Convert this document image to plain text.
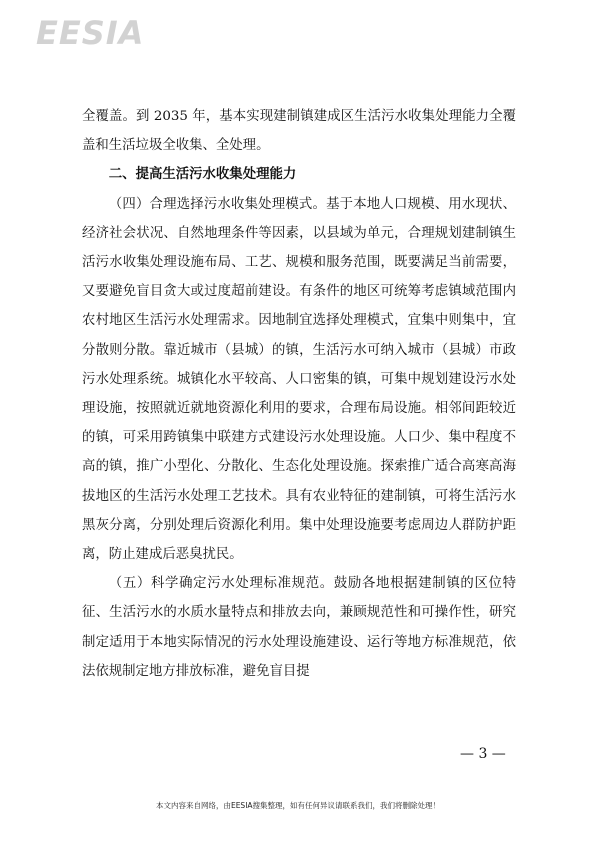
EESIA

全覆盖。到 2035 年，基本实现建制镇建成区生活污水收集处理能力全覆盖和生活垃圾全收集、全处理。

二、提高生活污水收集处理能力

（四）合理选择污水收集处理模式。基于本地人口规模、用水现状、经济社会状况、自然地理条件等因素，以县域为单元，合理规划建制镇生活污水收集处理设施布局、工艺、规模和服务范围，既要满足当前需要，又要避免盲目贪大或过度超前建设。有条件的地区可统筹考虑镇域范围内农村地区生活污水处理需求。因地制宜选择处理模式，宜集中则集中，宜分散则分散。靠近城市（县城）的镇，生活污水可纳入城市（县城）市政污水处理系统。城镇化水平较高、人口密集的镇，可集中规划建设污水处理设施，按照就近就地资源化利用的要求，合理布局设施。相邻间距较近的镇，可采用跨镇集中联建方式建设污水处理设施。人口少、集中程度不高的镇，推广小型化、分散化、生态化处理设施。探索推广适合高寒高海拔地区的生活污水处理工艺技术。具有农业特征的建制镇，可将生活污水黑灰分离，分别处理后资源化利用。集中处理设施要考虑周边人群防护距离，防止建成后恶臭扰民。

（五）科学确定污水处理标准规范。鼓励各地根据建制镇的区位特征、生活污水的水质水量特点和排放去向，兼顾规范性和可操作性，研究制定适用于本地实际情况的污水处理设施建设、运行等地方标准规范，依法依规制定地方排放标准，避免盲目提

— 3 —
本文内容来自网络，由EESIA搜集整理，如有任何异议请联系我们，我们将删除处理！
